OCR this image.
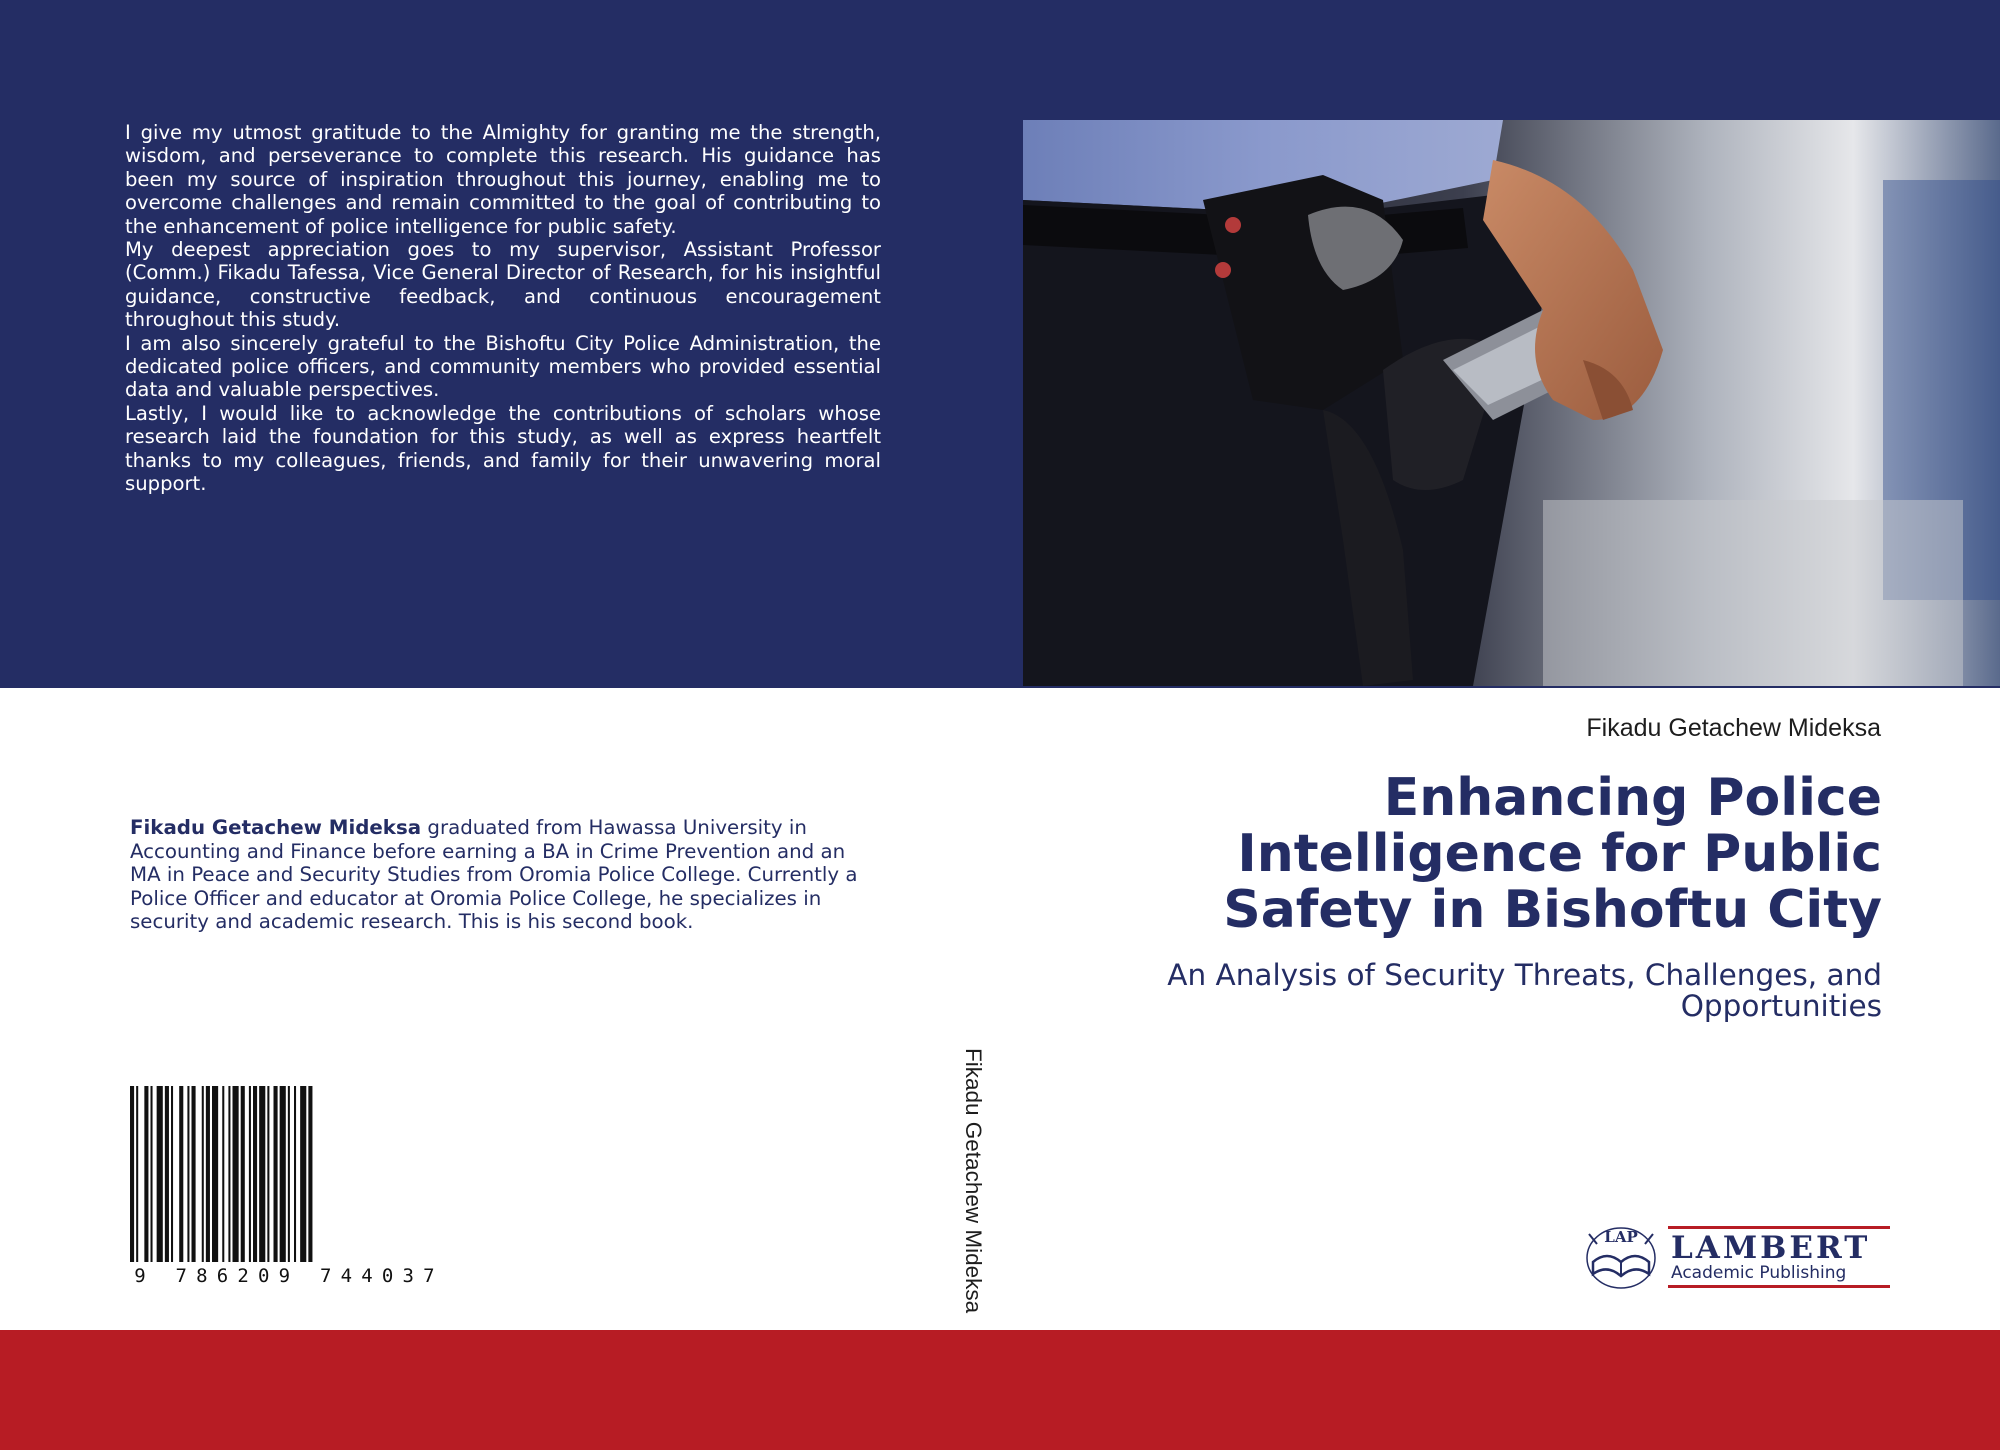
I give my utmost gratitude to the Almighty for granting me the strength, wisdom, and perseverance to complete this research. His guidance has been my source of inspiration throughout this journey, enabling me to overcome challenges and remain committed to the goal of contributing to the enhancement of police intelligence for public safety.

My deepest appreciation goes to my supervisor, Assistant Professor (Comm.) Fikadu Tafessa, Vice General Director of Research, for his insightful guidance, constructive feedback, and continuous encouragement throughout this study.

I am also sincerely grateful to the Bishoftu City Police Administration, the dedicated police officers, and community members who provided essential data and valuable perspectives.

Lastly, I would like to acknowledge the contributions of scholars whose research laid the foundation for this study, as well as express heartfelt thanks to my colleagues, friends, and family for their unwavering moral support.

Fikadu Getachew Mideksa
Enhancing Police
Intelligence for Public
Safety in Bishoftu City
An Analysis of Security Threats, Challenges, and
Opportunities
Fikadu Getachew Mideksa graduated from Hawassa University in Accounting and Finance before earning a BA in Crime Prevention and an MA in Peace and Security Studies from Oromia Police College. Currently a Police Officer and educator at Oromia Police College, he specializes in security and academic research. This is his second book.
Fikadu Getachew Mideksa
9 786209 744037
LAP LAMBERT
Academic Publishing
